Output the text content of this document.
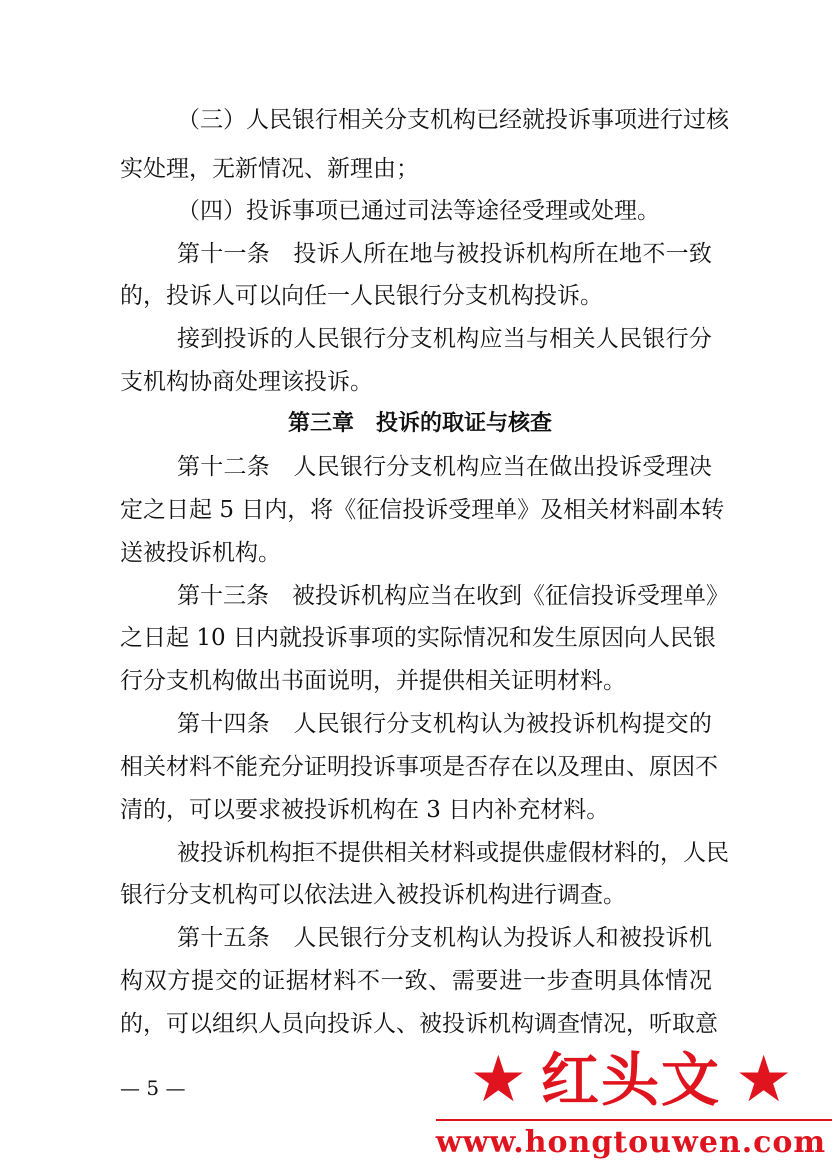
（ 三 ） 人 民 银 行 相 关 分 支 机 构 已 经 就 投 诉 事 项 进 行 过 核
实处理，无新情况、新理由；
（四）投诉事项已通过司法等途径受理或处理。
第 十 一 条
　 投 诉 人 所 在 地 与 被 投 诉 机 构 所 在 地 不 一 致
的，投诉人可以向任一人民银行分支机构投诉。
接 到 投 诉 的 人 民 银 行 分 支 机 构 应 当 与 相 关 人 民 银 行 分
支机构协商处理该投诉。
第三章　投诉的取证与核查
第 十 二 条
　 人 民 银 行 分 支 机 构 应 当 在 做 出 投 诉 受 理 决
定 之 日 起
5
日 内 ， 将 《 征 信 投 诉 受 理 单 》 及 相 关 材 料 副 本 转
送被投诉机构。
第 十 三 条
　 被 投 诉 机 构 应 当 在 收 到 《 征 信 投 诉 受 理 单 》
之 日 起
1 0
日 内 就 投 诉 事 项 的 实 际 情 况 和 发 生 原 因 向 人 民 银
行分支机构做出书面说明，并提供相关证明材料。
第 十 四 条
　 人 民 银 行 分 支 机 构 认 为 被 投 诉 机 构 提 交 的
相 关 材 料 不 能 充 分 证 明 投 诉 事 项 是 否 存 在 以 及 理 由 、 原 因 不
清的，可以要求被投诉机构在 3 日内补充材料。
被 投 诉 机 构 拒 不 提 供 相 关 材 料 或 提 供 虚 假 材 料 的 ， 人 民
银行分支机构可以依法进入被投诉机构进行调查。
第 十 五 条
　 人 民 银 行 分 支 机 构 认 为 投 诉 人 和 被 投 诉 机
构 双 方 提 交 的 证 据 材 料 不 一 致 、 需 要 进 一 步 查 明 具 体 情 况
的 ， 可 以 组 织 人 员 向 投 诉 人 、 被 投 诉 机 构 调 查 情 况 ， 听 取 意
— 5 —	★ 红头文 ★
www.hongtouwen.com
